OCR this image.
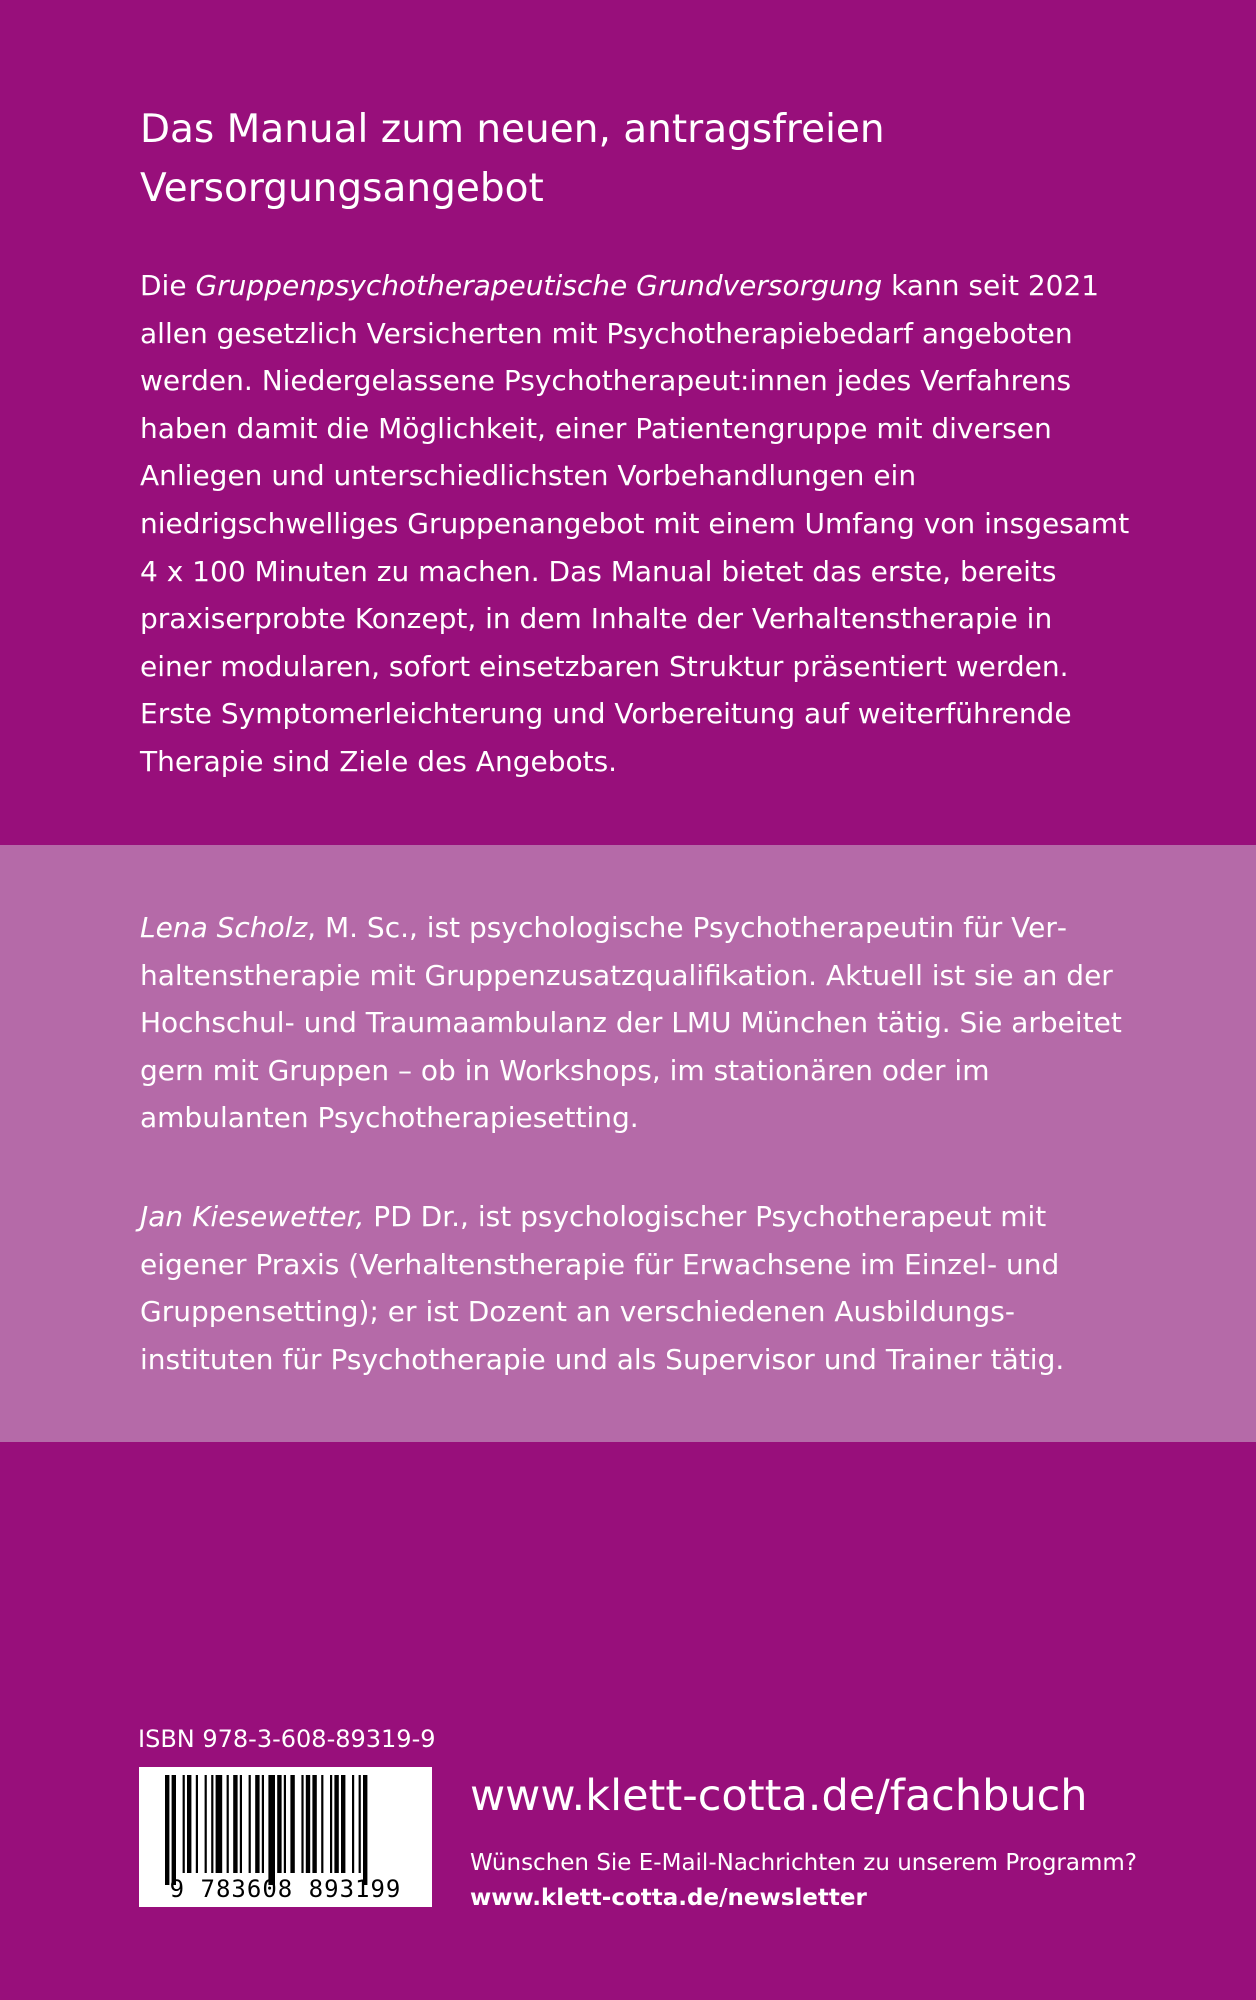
Das Manual zum neuen, antragsfreien
Versorgungsangebot

Die Gruppenpsychotherapeutische Grundversorgung kann seit 2021 allen gesetzlich Versicherten mit Psychotherapiebedarf angeboten werden. Niedergelassene Psychotherapeut:innen jedes Verfahrens haben damit die Möglichkeit, einer Patientengruppe mit diversen Anliegen und unterschiedlichsten Vorbehandlungen ein niedrigschwelliges Gruppenangebot mit einem Umfang von insgesamt 4 x 100 Minuten zu machen. Das Manual bietet das erste, bereits praxiserprobte Konzept, in dem Inhalte der Verhaltenstherapie in einer modularen, sofort einsetzbaren Struktur präsentiert werden. Erste Symptomerleichterung und Vorbereitung auf weiterführende Therapie sind Ziele des Angebots.

Lena Scholz, M. Sc., ist psychologische Psychotherapeutin für Verhaltenstherapie mit Gruppenzusatzqualifikation. Aktuell ist sie an der Hochschul- und Traumaambulanz der LMU München tätig. Sie arbeitet gern mit Gruppen – ob in Workshops, im stationären oder im ambulanten Psychotherapiesetting.

Jan Kiesewetter, PD Dr., ist psychologischer Psychotherapeut mit eigener Praxis (Verhaltenstherapie für Erwachsene im Einzel- und Gruppensetting); er ist Dozent an verschiedenen Ausbildungsinstituten für Psychotherapie und als Supervisor und Trainer tätig.

ISBN 978-3-608-89319-9
9 783608 893199
www.klett-cotta.de/fachbuch
Wünschen Sie E-Mail-Nachrichten zu unserem Programm?
www.klett-cotta.de/newsletter
